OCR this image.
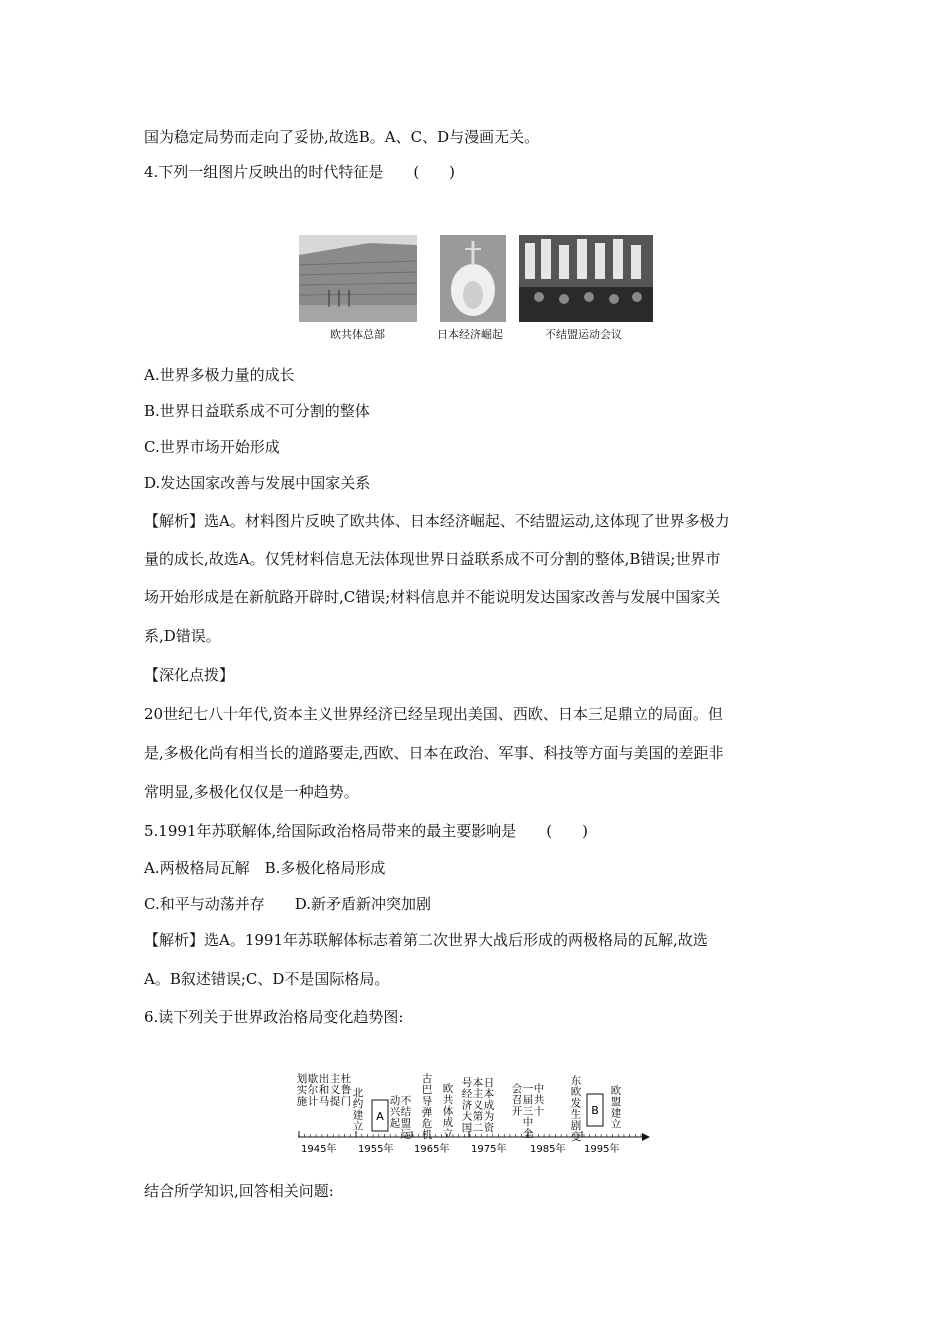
国为稳定局势而走向了妥协,故选B。A、C、D与漫画无关。
4.下列一组图片反映出的时代特征是　　(　　)
欧共体总部	日本经济崛起	不结盟运动会议
A.世界多极力量的成长
B.世界日益联系成不可分割的整体
C.世界市场开始形成
D.发达国家改善与发展中国家关系
【解析】选A。材料图片反映了欧共体、日本经济崛起、不结盟运动,这体现了世界多极力
量的成长,故选A。仅凭材料信息无法体现世界日益联系成不可分割的整体,B错误;世界市
场开始形成是在新航路开辟时,C错误;材料信息并不能说明发达国家改善与发展中国家关
系,D错误。
【深化点拨】
20世纪七八十年代,资本主义世界经济已经呈现出美国、西欧、日本三足鼎立的局面。但
是,多极化尚有相当长的道路要走,西欧、日本在政治、军事、科技等方面与美国的差距非
常明显,多极化仅仅是一种趋势。
5.1991年苏联解体,给国际政治格局带来的最主要影响是　　(　　)
A.两极格局瓦解　B.多极化格局形成
C.和平与动荡并存　　D.新矛盾新冲突加剧
【解析】选A。1991年苏联解体标志着第二次世界大战后形成的两极格局的瓦解,故选
A。B叙述错误;C、D不是国际格局。
6.读下列关于世界政治格局变化趋势图:
1945年 1955年 1965年 1975年 1985年 1995年
杜
鲁
门
主
义
提
出
和
马
歇
尔
计
划
实
施
北
约
建
立
A
不
结
盟
运
动
兴
起
古
巴
导
弹
危
机
欧
共
体
成
立
日
本
成
为
资
本
主
义
第
二
号
经
济
大
国
中
共
十
一
届
三
中
全
会
召
开
东
欧
发
生
剧
变
B
欧
盟
建
立
结合所学知识,回答相关问题:
